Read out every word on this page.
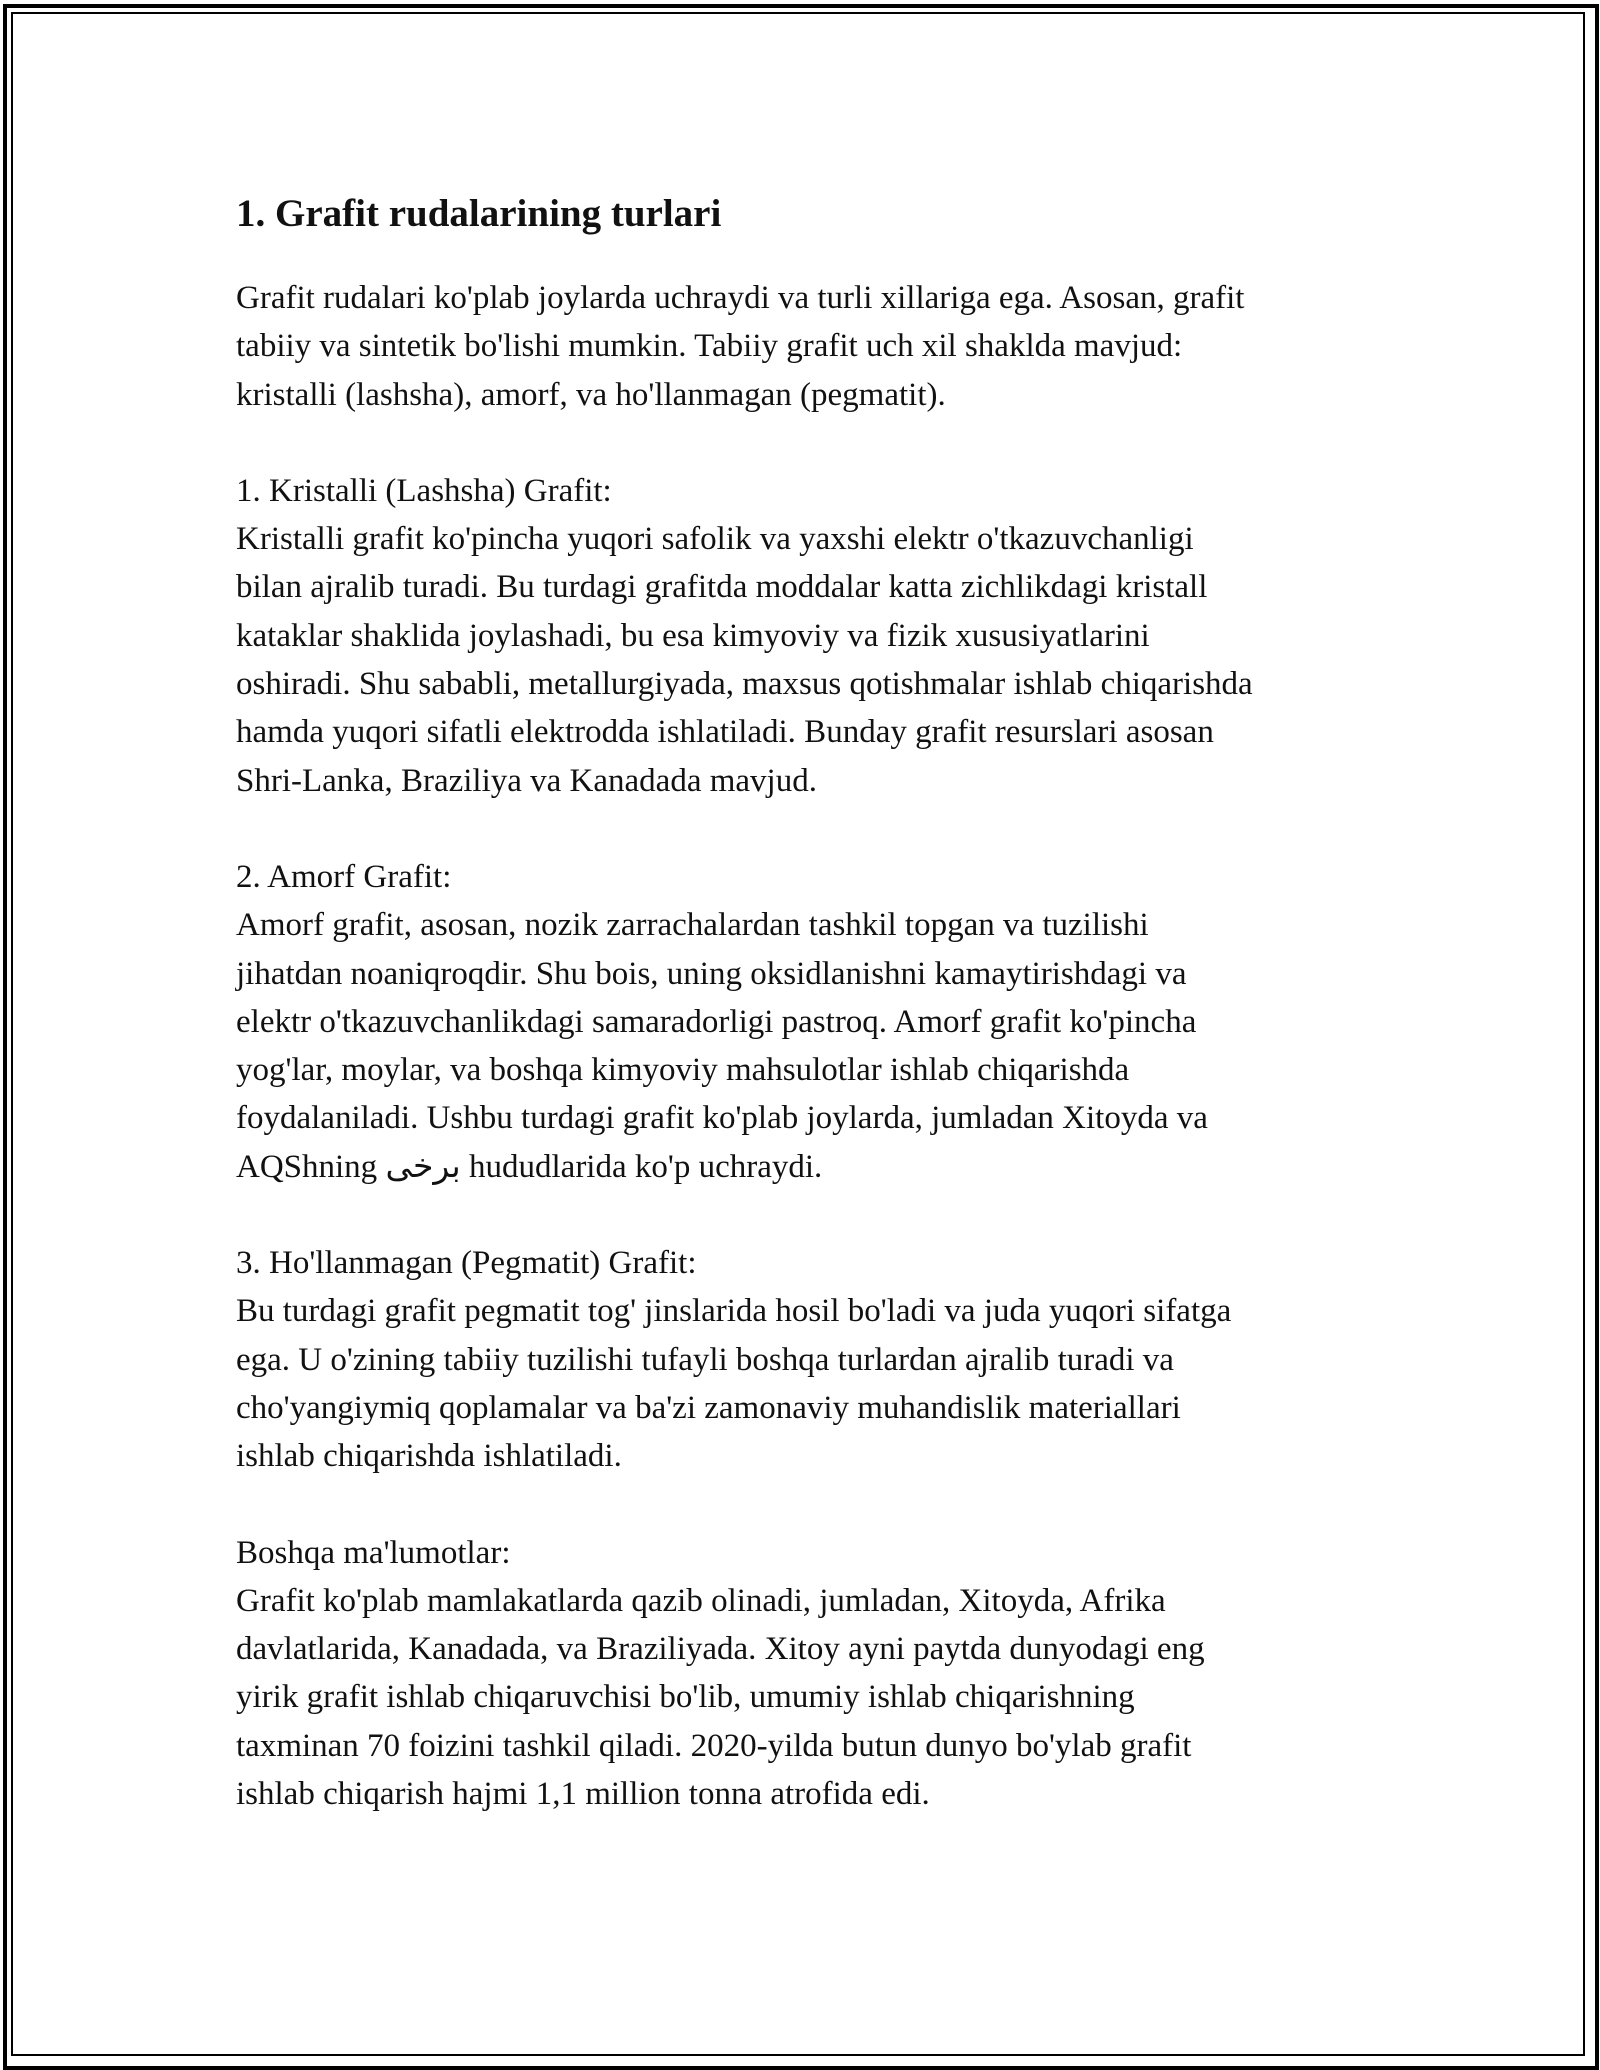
1. Grafit rudalarining turlari

Grafit rudalari ko'plab joylarda uchraydi va turli xillariga ega. Asosan, grafit
tabiiy va sintetik bo'lishi mumkin. Tabiiy grafit uch xil shaklda mavjud:
kristalli (lashsha), amorf, va ho'llanmagan (pegmatit).

1. Kristalli (Lashsha) Grafit:

Kristalli grafit ko'pincha yuqori safolik va yaxshi elektr o'tkazuvchanligi
bilan ajralib turadi. Bu turdagi grafitda moddalar katta zichlikdagi kristall
kataklar shaklida joylashadi, bu esa kimyoviy va fizik xususiyatlarini
oshiradi. Shu sababli, metallurgiyada, maxsus qotishmalar ishlab chiqarishda
hamda yuqori sifatli elektrodda ishlatiladi. Bunday grafit resurslari asosan
Shri-Lanka, Braziliya va Kanadada mavjud.

2. Amorf Grafit:

Amorf grafit, asosan, nozik zarrachalardan tashkil topgan va tuzilishi
jihatdan noaniqroqdir. Shu bois, uning oksidlanishni kamaytirishdagi va
elektr o'tkazuvchanlikdagi samaradorligi pastroq. Amorf grafit ko'pincha
yog'lar, moylar, va boshqa kimyoviy mahsulotlar ishlab chiqarishda
foydalaniladi. Ushbu turdagi grafit ko'plab joylarda, jumladan Xitoyda va
AQShning برخی hududlarida ko'p uchraydi.

3. Ho'llanmagan (Pegmatit) Grafit:

Bu turdagi grafit pegmatit tog' jinslarida hosil bo'ladi va juda yuqori sifatga
ega. U o'zining tabiiy tuzilishi tufayli boshqa turlardan ajralib turadi va
cho'yangiymiq qoplamalar va ba'zi zamonaviy muhandislik materiallari
ishlab chiqarishda ishlatiladi.

Boshqa ma'lumotlar:

Grafit ko'plab mamlakatlarda qazib olinadi, jumladan, Xitoyda, Afrika
davlatlarida, Kanadada, va Braziliyada. Xitoy ayni paytda dunyodagi eng
yirik grafit ishlab chiqaruvchisi bo'lib, umumiy ishlab chiqarishning
taxminan 70 foizini tashkil qiladi. 2020-yilda butun dunyo bo'ylab grafit
ishlab chiqarish hajmi 1,1 million tonna atrofida edi.
